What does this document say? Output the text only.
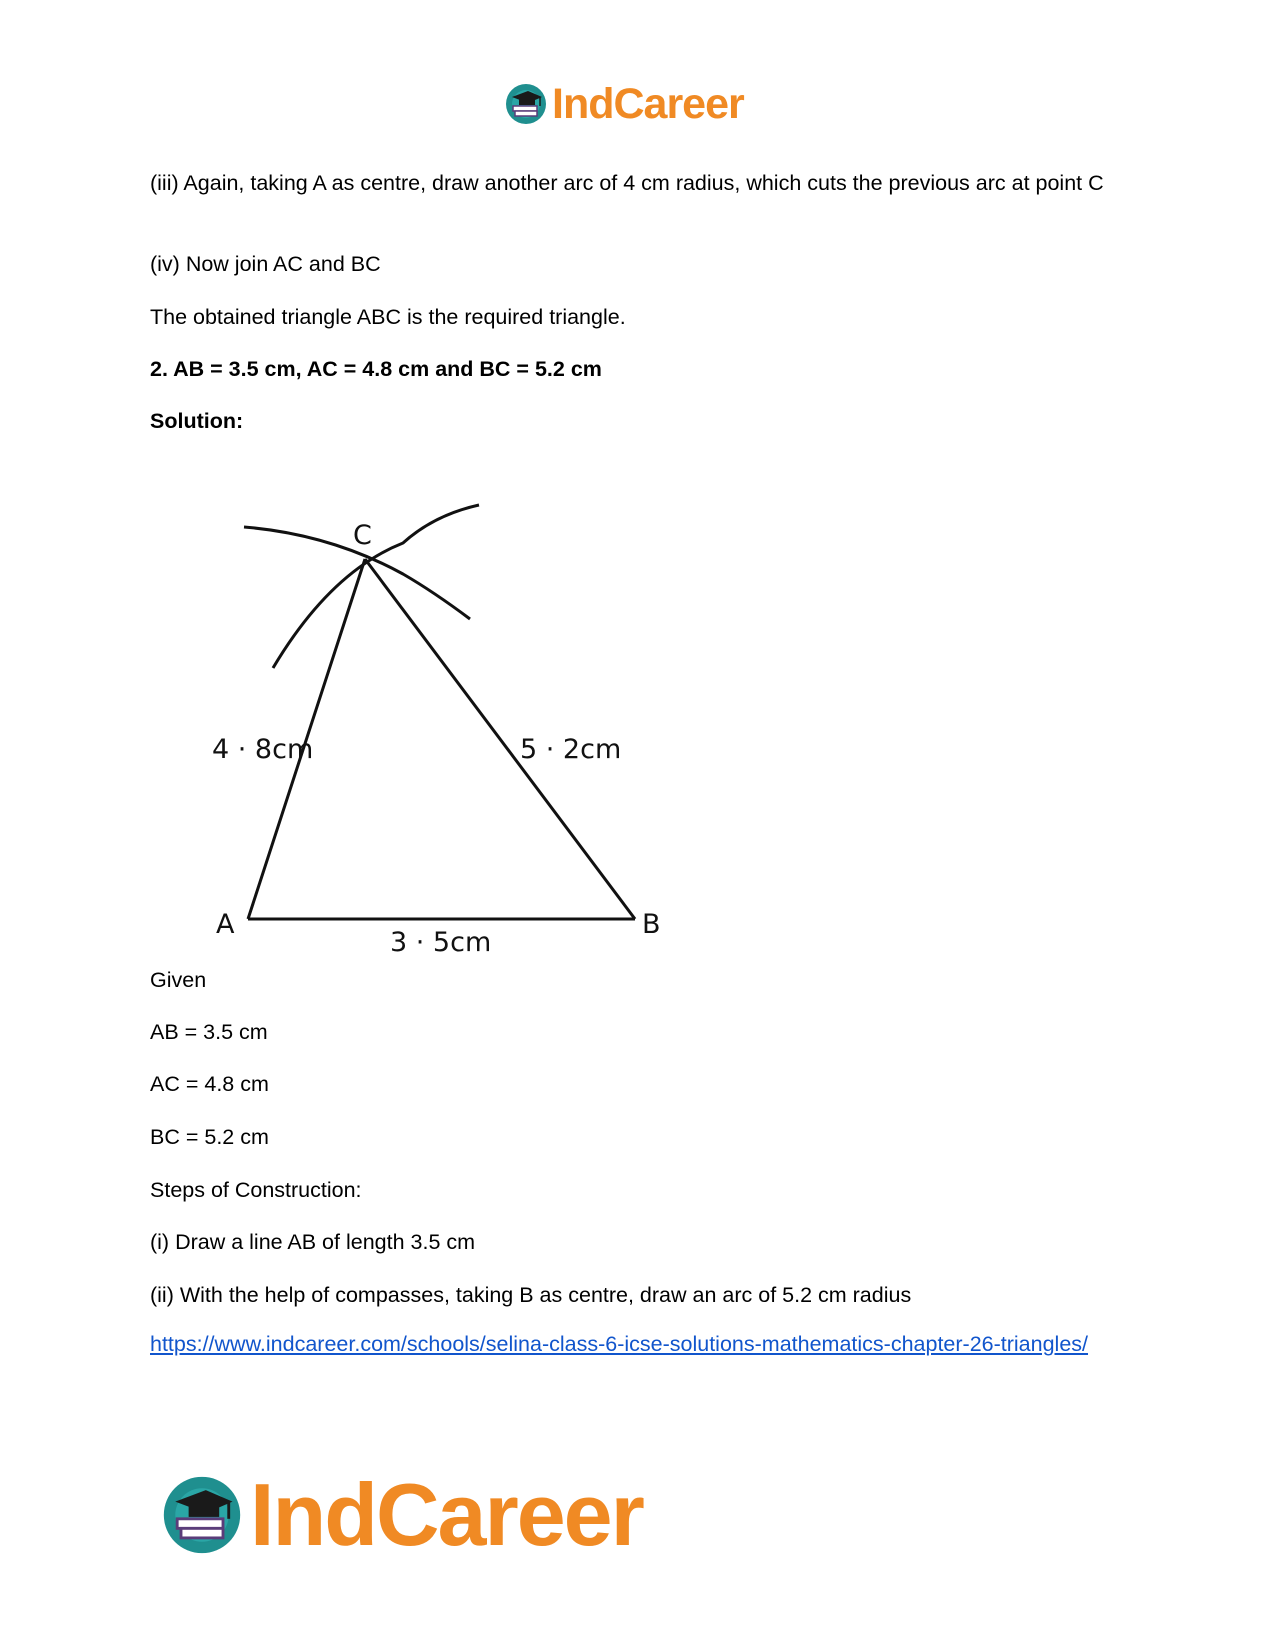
IndCareer

(iii) Again, taking A as centre, draw another arc of 4 cm radius, which cuts the previous arc at point C

(iv) Now join AC and BC

The obtained triangle ABC is the required triangle.

2. AB = 3.5 cm, AC = 4.8 cm and BC = 5.2 cm

Solution:

A	B
C
3 · 5cm
4 · 8cm	5 · 2cm

Given

AB = 3.5 cm

AC = 4.8 cm

BC = 5.2 cm

Steps of Construction:

(i) Draw a line AB of length 3.5 cm

(ii) With the help of compasses, taking B as centre, draw an arc of 5.2 cm radius

https://www.indcareer.com/schools/selina-class-6-icse-solutions-mathematics-chapter-26-triangles/

IndCareer
